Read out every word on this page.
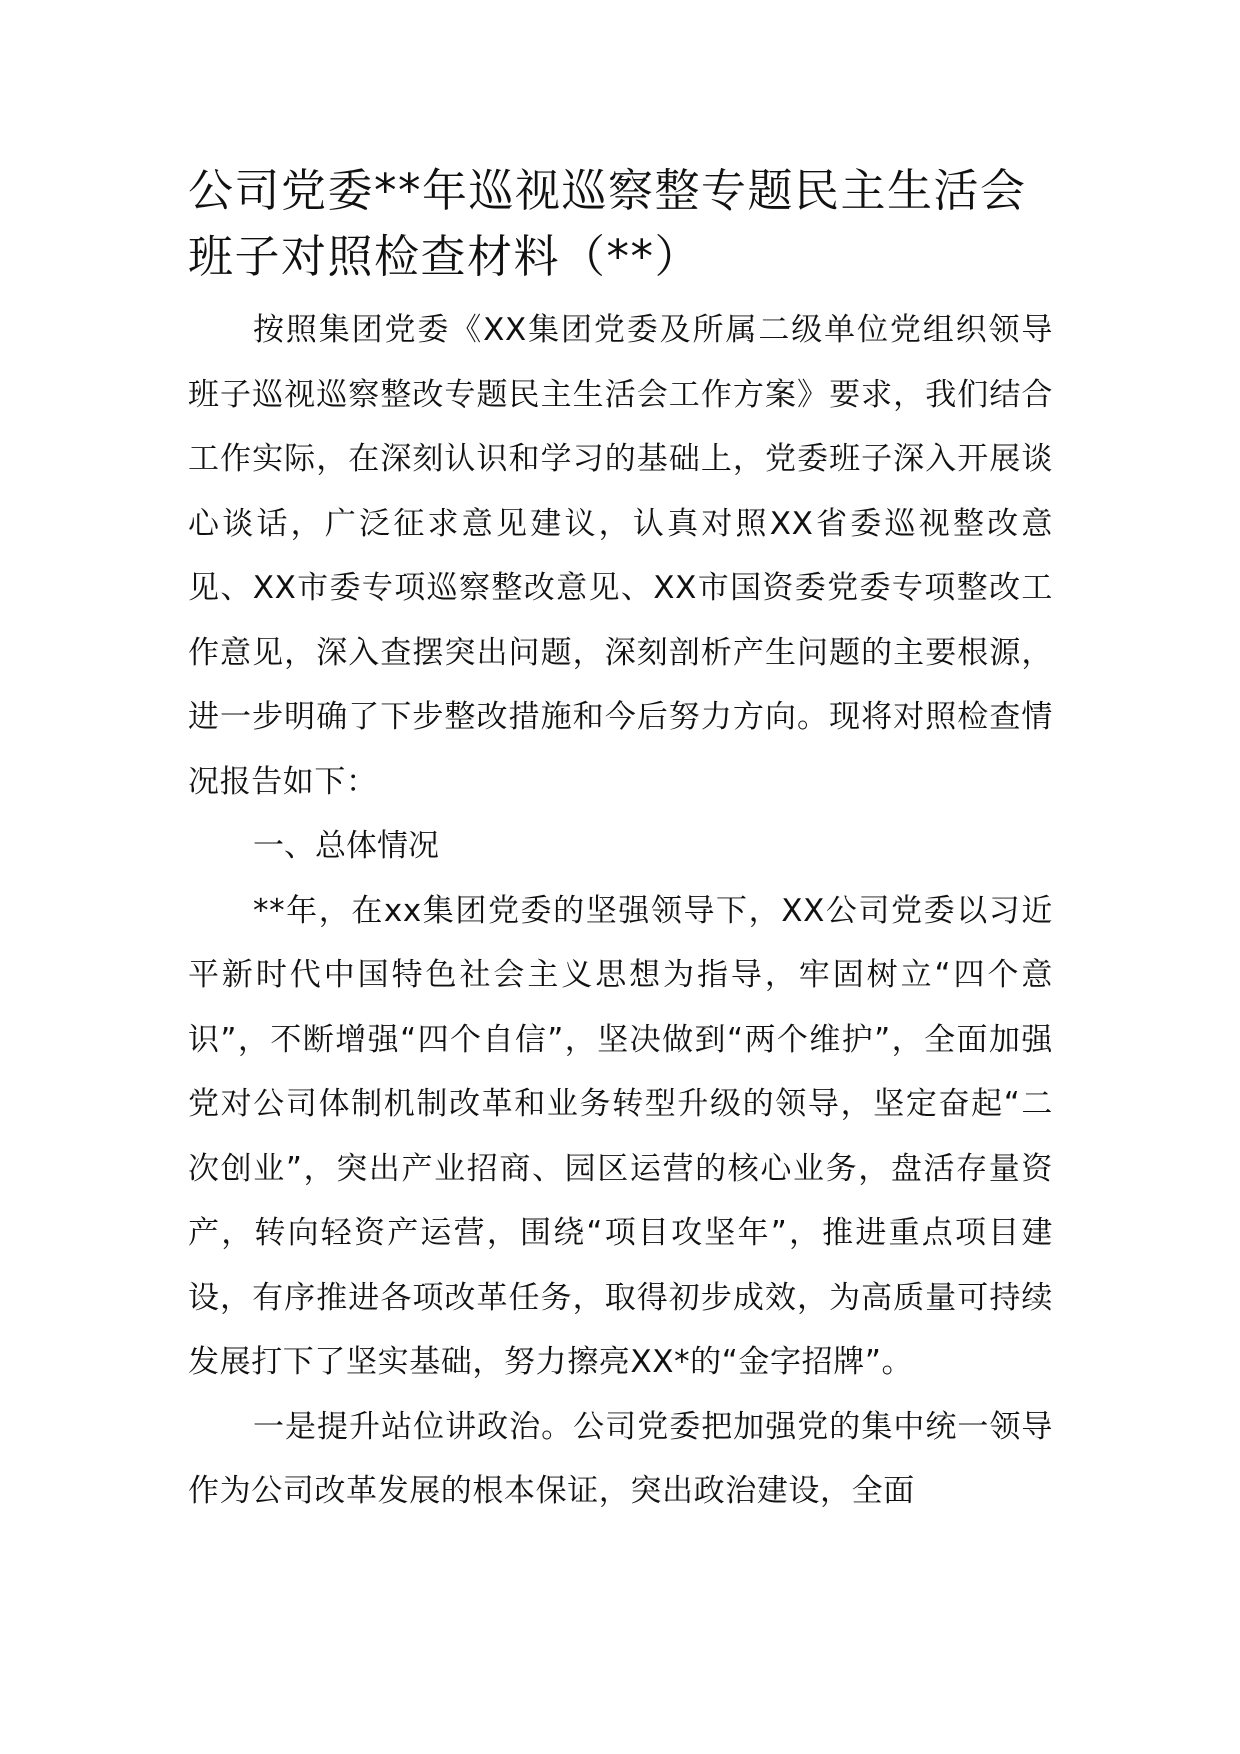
公司党委**年巡视巡察整专题民主生活会
班子对照检查材料（**）

按照集团党委《XX集团党委及所属二级单位党组织领导班子巡视巡察整改专题民主生活会工作方案》要求，我们结合工作实际，在深刻认识和学习的基础上，党委班子深入开展谈心谈话，广泛征求意见建议，认真对照XX省委巡视整改意见、XX市委专项巡察整改意见、XX市国资委党委专项整改工作意见，深入查摆突出问题，深刻剖析产生问题的主要根源，进一步明确了下步整改措施和今后努力方向。现将对照检查情况报告如下：

一、总体情况

**年，在xx集团党委的坚强领导下，XX公司党委以习近平新时代中国特色社会主义思想为指导，牢固树立“四个意识”，不断增强“四个自信”，坚决做到“两个维护”，全面加强党对公司体制机制改革和业务转型升级的领导，坚定奋起“二次创业”，突出产业招商、园区运营的核心业务，盘活存量资产，转向轻资产运营，围绕“项目攻坚年”，推进重点项目建设，有序推进各项改革任务，取得初步成效，为高质量可持续发展打下了坚实基础，努力擦亮XX*的“金字招牌”。

一是提升站位讲政治。公司党委把加强党的集中统一领导作为公司改革发展的根本保证，突出政治建设，全面
